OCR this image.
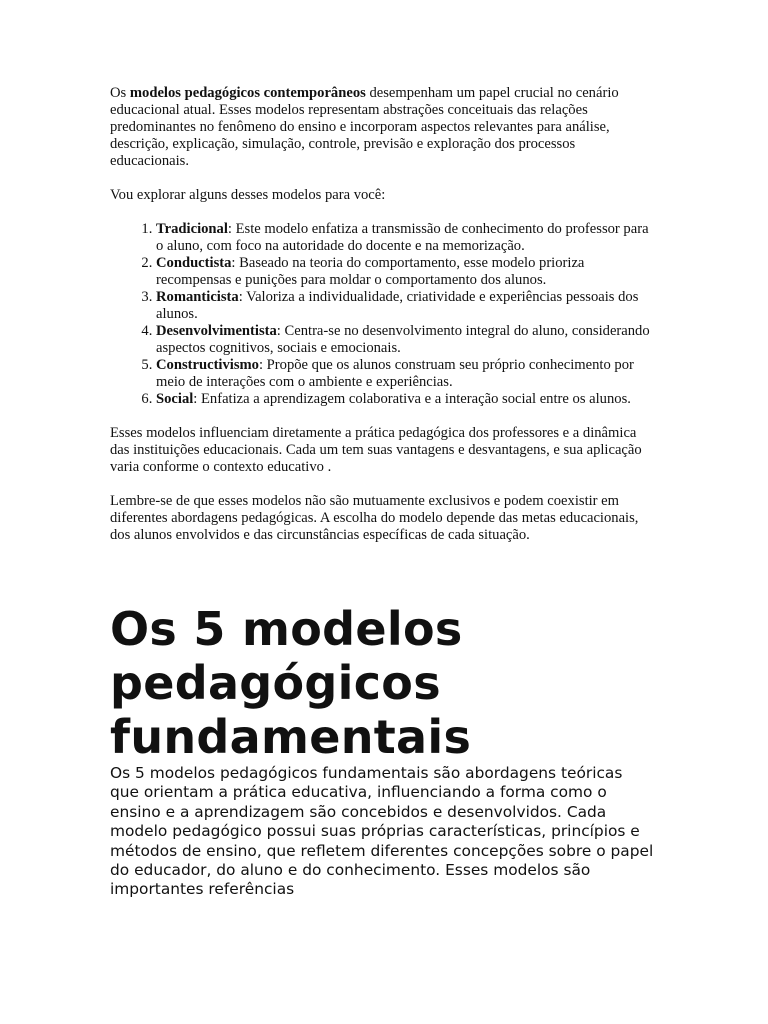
Os modelos pedagógicos contemporâneos desempenham um papel crucial no cenário educacional atual. Esses modelos representam abstrações conceituais das relações predominantes no fenômeno do ensino e incorporam aspectos relevantes para análise, descrição, explicação, simulação, controle, previsão e exploração dos processos educacionais.

Vou explorar alguns desses modelos para você:

1. Tradicional: Este modelo enfatiza a transmissão de conhecimento do professor para o aluno, com foco na autoridade do docente e na memorização.
2. Conductista: Baseado na teoria do comportamento, esse modelo prioriza recompensas e punições para moldar o comportamento dos alunos.
3. Romanticista: Valoriza a individualidade, criatividade e experiências pessoais dos alunos.
4. Desenvolvimentista: Centra-se no desenvolvimento integral do aluno, considerando aspectos cognitivos, sociais e emocionais.
5. Constructivismo: Propõe que os alunos construam seu próprio conhecimento por meio de interações com o ambiente e experiências.
6. Social: Enfatiza a aprendizagem colaborativa e a interação social entre os alunos.

Esses modelos influenciam diretamente a prática pedagógica dos professores e a dinâmica das instituições educacionais. Cada um tem suas vantagens e desvantagens, e sua aplicação varia conforme o contexto educativo .

Lembre-se de que esses modelos não são mutuamente exclusivos e podem coexistir em diferentes abordagens pedagógicas. A escolha do modelo depende das metas educacionais, dos alunos envolvidos e das circunstâncias específicas de cada situação.

Os 5 modelos pedagógicos fundamentais

Os 5 modelos pedagógicos fundamentais são abordagens teóricas que orientam a prática educativa, influenciando a forma como o ensino e a aprendizagem são concebidos e desenvolvidos. Cada modelo pedagógico possui suas próprias características, princípios e métodos de ensino, que refletem diferentes concepções sobre o papel do educador, do aluno e do conhecimento. Esses modelos são importantes referências
